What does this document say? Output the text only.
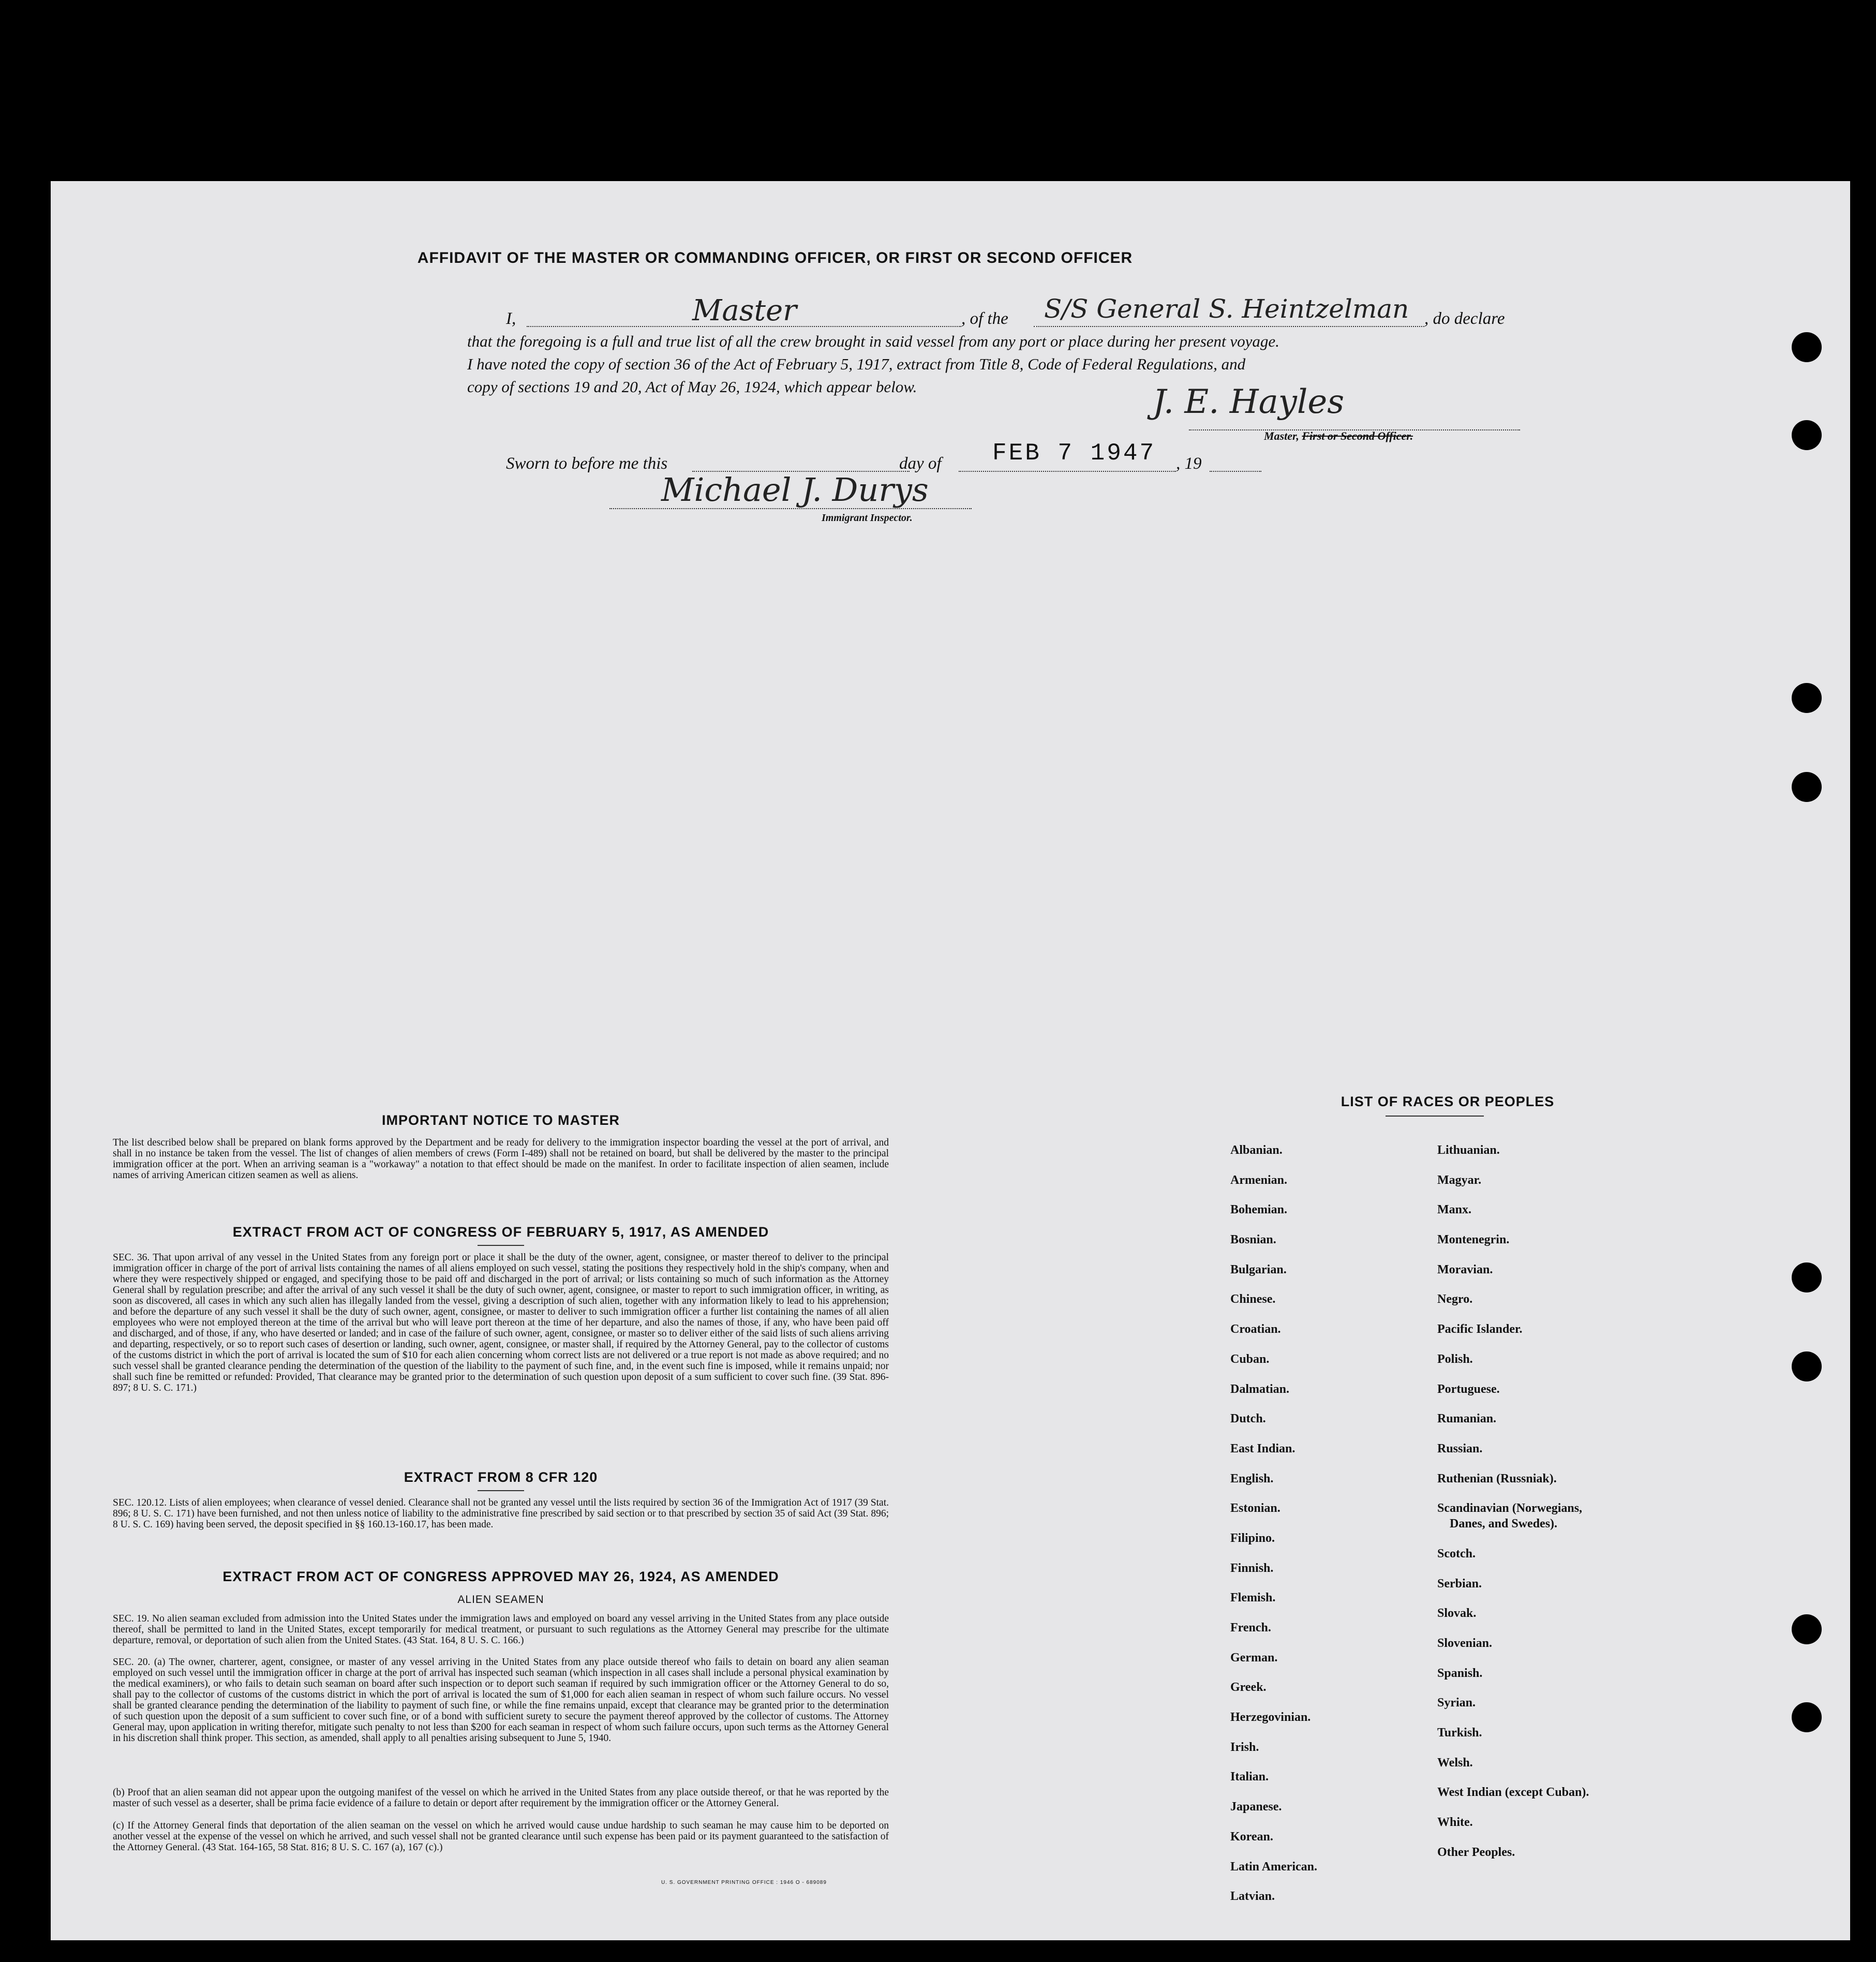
AFFIDAVIT OF THE MASTER OR COMMANDING OFFICER, OR FIRST OR SECOND OFFICER
I,	Master	, of the S/S General S. Heintzelman , do declare
that the foregoing is a full and true list of all the crew brought in said vessel from any port or place during her present voyage.
I have noted the copy of section 36 of the Act of February 5, 1917, extract from Title 8, Code of Federal Regulations, and
copy of sections 19 and 20, Act of May 26, 1924, which appear below.	J. E. Hayles
Master, First or Second Officer.
Sworn to before me this	day of FEB 7 1947 , 19
Michael J. Durys
Immigrant Inspector.
IMPORTANT NOTICE TO MASTER
The list described below shall be prepared on blank forms approved by the Department and be ready for delivery to the immigration inspector boarding the vessel at the port of arrival, and shall in no instance be taken from the vessel. The list of changes of alien members of crews (Form I-489) shall not be retained on board, but shall be delivered by the master to the principal immigration officer at the port. When an arriving seaman is a "workaway" a notation to that effect should be made on the manifest. In order to facilitate inspection of alien seamen, include names of arriving American citizen seamen as well as aliens.
EXTRACT FROM ACT OF CONGRESS OF FEBRUARY 5, 1917, AS AMENDED
SEC. 36. That upon arrival of any vessel in the United States from any foreign port or place it shall be the duty of the owner, agent, consignee, or master thereof to deliver to the principal immigration officer in charge of the port of arrival lists containing the names of all aliens employed on such vessel, stating the positions they respectively hold in the ship's company, when and where they were respectively shipped or engaged, and specifying those to be paid off and discharged in the port of arrival; or lists containing so much of such information as the Attorney General shall by regulation prescribe; and after the arrival of any such vessel it shall be the duty of such owner, agent, consignee, or master to report to such immigration officer, in writing, as soon as discovered, all cases in which any such alien has illegally landed from the vessel, giving a description of such alien, together with any information likely to lead to his apprehension; and before the departure of any such vessel it shall be the duty of such owner, agent, consignee, or master to deliver to such immigration officer a further list containing the names of all alien employees who were not employed thereon at the time of the arrival but who will leave port thereon at the time of her departure, and also the names of those, if any, who have been paid off and discharged, and of those, if any, who have deserted or landed; and in case of the failure of such owner, agent, consignee, or master so to deliver either of the said lists of such aliens arriving and departing, respectively, or so to report such cases of desertion or landing, such owner, agent, consignee, or master shall, if required by the Attorney General, pay to the collector of customs of the customs district in which the port of arrival is located the sum of $10 for each alien concerning whom correct lists are not delivered or a true report is not made as above required; and no such vessel shall be granted clearance pending the determination of the question of the liability to the payment of such fine, and, in the event such fine is imposed, while it remains unpaid; nor shall such fine be remitted or refunded: Provided, That clearance may be granted prior to the determination of such question upon deposit of a sum sufficient to cover such fine. (39 Stat. 896-897; 8 U. S. C. 171.)
EXTRACT FROM 8 CFR 120
SEC. 120.12. Lists of alien employees; when clearance of vessel denied. Clearance shall not be granted any vessel until the lists required by section 36 of the Immigration Act of 1917 (39 Stat. 896; 8 U. S. C. 171) have been furnished, and not then unless notice of liability to the administrative fine prescribed by said section or to that prescribed by section 35 of said Act (39 Stat. 896; 8 U. S. C. 169) having been served, the deposit specified in §§ 160.13-160.17, has been made.
EXTRACT FROM ACT OF CONGRESS APPROVED MAY 26, 1924, AS AMENDED
ALIEN SEAMEN
SEC. 19. No alien seaman excluded from admission into the United States under the immigration laws and employed on board any vessel arriving in the United States from any place outside thereof, shall be permitted to land in the United States, except temporarily for medical treatment, or pursuant to such regulations as the Attorney General may prescribe for the ultimate departure, removal, or deportation of such alien from the United States. (43 Stat. 164, 8 U. S. C. 166.)
SEC. 20. (a) The owner, charterer, agent, consignee, or master of any vessel arriving in the United States from any place outside thereof who fails to detain on board any alien seaman employed on such vessel until the immigration officer in charge at the port of arrival has inspected such seaman (which inspection in all cases shall include a personal physical examination by the medical examiners), or who fails to detain such seaman on board after such inspection or to deport such seaman if required by such immigration officer or the Attorney General to do so, shall pay to the collector of customs of the customs district in which the port of arrival is located the sum of $1,000 for each alien seaman in respect of whom such failure occurs. No vessel shall be granted clearance pending the determination of the liability to payment of such fine, or while the fine remains unpaid, except that clearance may be granted prior to the determination of such question upon the deposit of a sum sufficient to cover such fine, or of a bond with sufficient surety to secure the payment thereof approved by the collector of customs. The Attorney General may, upon application in writing therefor, mitigate such penalty to not less than $200 for each seaman in respect of whom such failure occurs, upon such terms as the Attorney General in his discretion shall think proper. This section, as amended, shall apply to all penalties arising subsequent to June 5, 1940.
(b) Proof that an alien seaman did not appear upon the outgoing manifest of the vessel on which he arrived in the United States from any place outside thereof, or that he was reported by the master of such vessel as a deserter, shall be prima facie evidence of a failure to detain or deport after requirement by the immigration officer or the Attorney General.
(c) If the Attorney General finds that deportation of the alien seaman on the vessel on which he arrived would cause undue hardship to such seaman he may cause him to be deported on another vessel at the expense of the vessel on which he arrived, and such vessel shall not be granted clearance until such expense has been paid or its payment guaranteed to the satisfaction of the Attorney General. (43 Stat. 164-165, 58 Stat. 816; 8 U. S. C. 167 (a), 167 (c).)
U. S. GOVERNMENT PRINTING OFFICE : 1946 O - 689089
LIST OF RACES OR PEOPLES
Albanian.
Armenian.
Bohemian.
Bosnian.
Bulgarian.
Chinese.
Croatian.
Cuban.
Dalmatian.
Dutch.
East Indian.
English.
Estonian.
Filipino.
Finnish.
Flemish.
French.
German.
Greek.
Herzegovinian.
Irish.
Italian.
Japanese.
Korean.
Latin American.
Latvian.
Lithuanian.
Magyar.
Manx.
Montenegrin.
Moravian.
Negro.
Pacific Islander.
Polish.
Portuguese.
Rumanian.
Russian.
Ruthenian (Russniak).
Scandinavian (Norwegians,
Danes, and Swedes).
Scotch.
Serbian.
Slovak.
Slovenian.
Spanish.
Syrian.
Turkish.
Welsh.
West Indian (except Cuban).
White.
Other Peoples.
